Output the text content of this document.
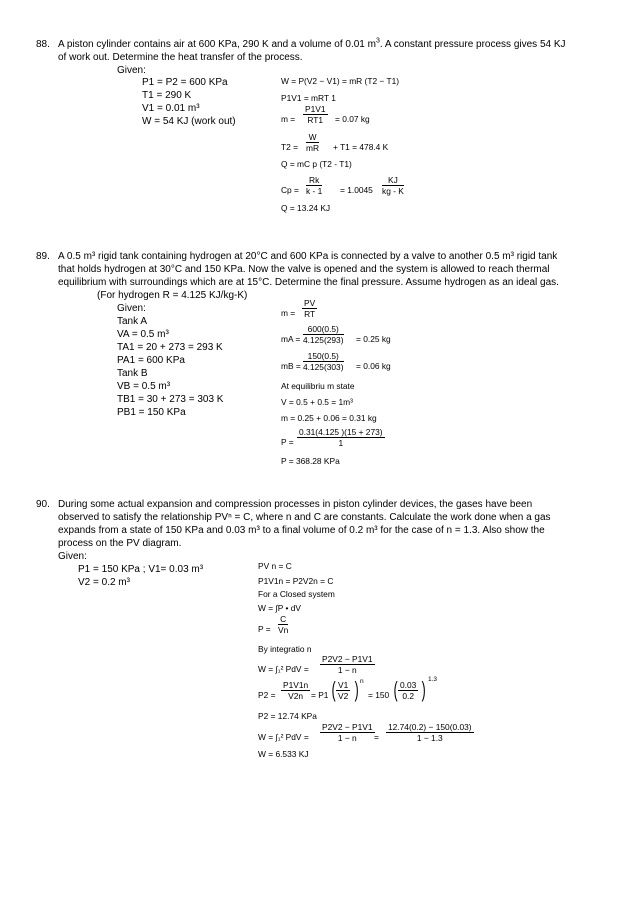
88. A piston cylinder contains air at 600 KPa, 290 K and a volume of 0.01 $m^3$. A constant pressure process gives 54 KJ
of work out. Determine the heat transfer of the process.
Given:
P1 = P2 = 600 KPa
T1 = 290 K
V1 = 0.01 m³
W = 54 KJ (work out)
W = P(V2 − V1) = mR (T2 − T1)
P1V1 = mRT 1
$m = \frac{P1V1}{RT1} = 0.07$ kg
$T2 = \frac{W}{mR} + T1 = 478.4$ K
Q = mC p (T2 - T1)
$Cp = \frac{Rk}{k - 1} = 1.0045 \frac{KJ}{kg - K}$
Q = 13.24 KJ
89. A 0.5 m³ rigid tank containing hydrogen at 20°C and 600 KPa is connected by a valve to another 0.5 m³ rigid tank
that holds hydrogen at 30°C and 150 KPa. Now the valve is opened and the system is allowed to reach thermal
equilibrium with surroundings which are at 15°C. Determine the final pressure. Assume hydrogen as an ideal gas.
(For hydrogen R = 4.125 KJ/kg-K)
Given:
Tank A
VA = 0.5 m³
TA1 = 20 + 273 = 293 K
PA1 = 600 KPa
Tank B
VB = 0.5 m³
TB1 = 30 + 273 = 303 K
PB1 = 150 KPa
$m = \frac{PV}{RT}$
mA = $\frac{600(0.5)}{4.125(293)} = 0.25$ kg
mB = $\frac{150(0.5)}{4.125(303)} = 0.06$ kg
At equilibriu m state
V = 0.5 + 0.5 = 1m³
m = 0.25 + 0.06 = 0.31 kg
$P = \frac{0.31(4.125 )(15 + 273)}{1}$
P = 368.28 KPa
90. During some actual expansion and compression processes in piston cylinder devices, the gases have been
observed to satisfy the relationship PVⁿ = C, where n and C are constants. Calculate the work done when a gas
expands from a state of 150 KPa and 0.03 m³ to a final volume of 0.2 m³ for the case of n = 1.3. Also show the
process on the PV diagram.
Given:
P1 = 150 KPa ; V1= 0.03 m³
V2 = 0.2 m³
PV n = C
P1V1n = P2V2n = C
For a Closed system
W = ∫P • dV
$P = \frac{C}{Vn}$
By integratio n
W = ∫₁² PdV = $\frac{P2V2 - P1V1}{1 - n}$
$P2 = \frac{P1V1n}{V2n} = P1$ ( $\frac{V1}{V2}$ ) n
= 150 ( $\frac{0.03}{0.2}$ ) 1.3
P2 = 12.74 KPa
W = ∫₁² PdV = $\frac{P2V2 - P1V1}{1 - n} = \frac{12.74(0.2) - 150(0.03)}{1 - 1.3}$
W = 6.533 KJ
